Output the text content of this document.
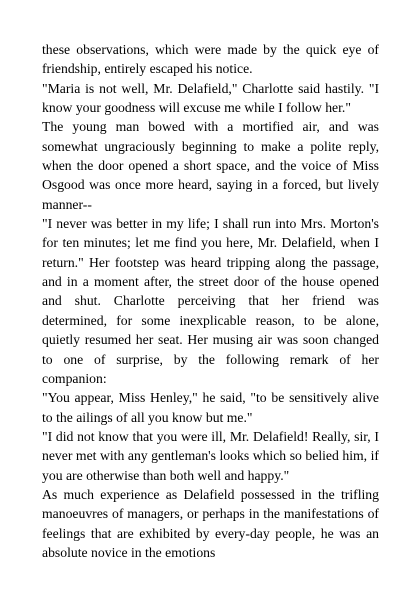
these observations, which were made by the quick eye of friendship, entirely escaped his notice.

"Maria is not well, Mr. Delafield," Charlotte said hastily. "I know your goodness will excuse me while I follow her."

The young man bowed with a mortified air, and was somewhat ungraciously beginning to make a polite reply, when the door opened a short space, and the voice of Miss Osgood was once more heard, saying in a forced, but lively manner--

"I never was better in my life; I shall run into Mrs. Morton's for ten minutes; let me find you here, Mr. Delafield, when I return." Her footstep was heard tripping along the passage, and in a moment after, the street door of the house opened and shut. Charlotte perceiving that her friend was determined, for some inexplicable reason, to be alone, quietly resumed her seat. Her musing air was soon changed to one of surprise, by the following remark of her companion:

"You appear, Miss Henley," he said, "to be sensitively alive to the ailings of all you know but me."

"I did not know that you were ill, Mr. Delafield! Really, sir, I never met with any gentleman's looks which so belied him, if you are otherwise than both well and happy."

As much experience as Delafield possessed in the trifling manoeuvres of managers, or perhaps in the manifestations of feelings that are exhibited by every-day people, he was an absolute novice in the emotions
